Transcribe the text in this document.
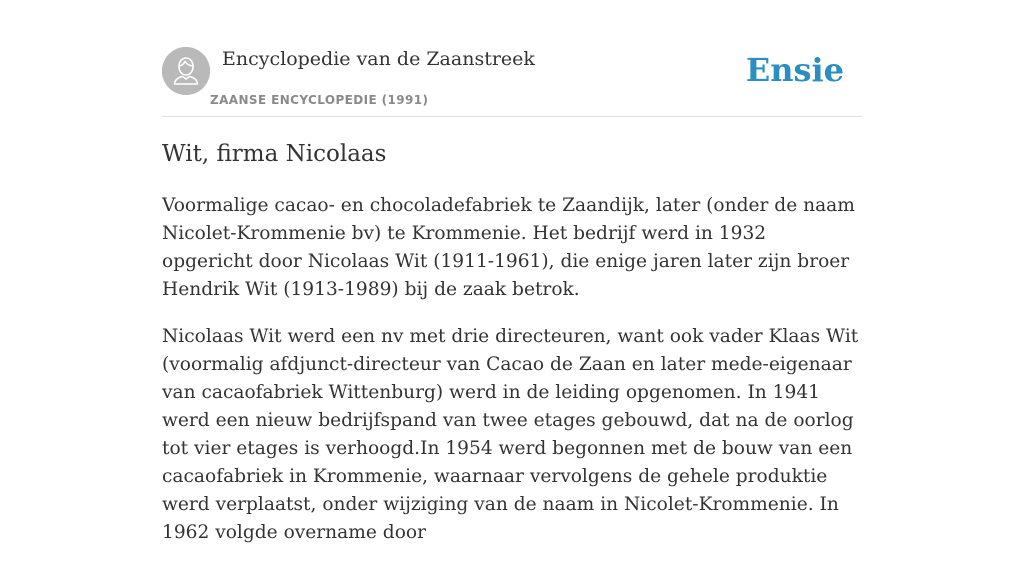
Encyclopedie van de Zaanstreek
ZAANSE ENCYCLOPEDIE (1991)
Ensie
Wit, firma Nicolaas

Voormalige cacao- en chocoladefabriek te Zaandijk, later (onder de naam Nicolet-Krommenie bv) te Krommenie. Het bedrijf werd in 1932 opgericht door Nicolaas Wit (1911-1961), die enige jaren later zijn broer Hendrik Wit (1913-1989) bij de zaak betrok.

Nicolaas Wit werd een nv met drie directeuren, want ook vader Klaas Wit (voormalig afdjunct-directeur van Cacao de Zaan en later mede-eigenaar van cacaofabriek Wittenburg) werd in de leiding opgenomen. In 1941 werd een nieuw bedrijfspand van twee etages gebouwd, dat na de oorlog tot vier etages is verhoogd.In 1954 werd begonnen met de bouw van een cacaofabriek in Krommenie, waarnaar vervolgens de gehele produktie werd verplaatst, onder wijziging van de naam in Nicolet-Krommenie. In 1962 volgde overname door
